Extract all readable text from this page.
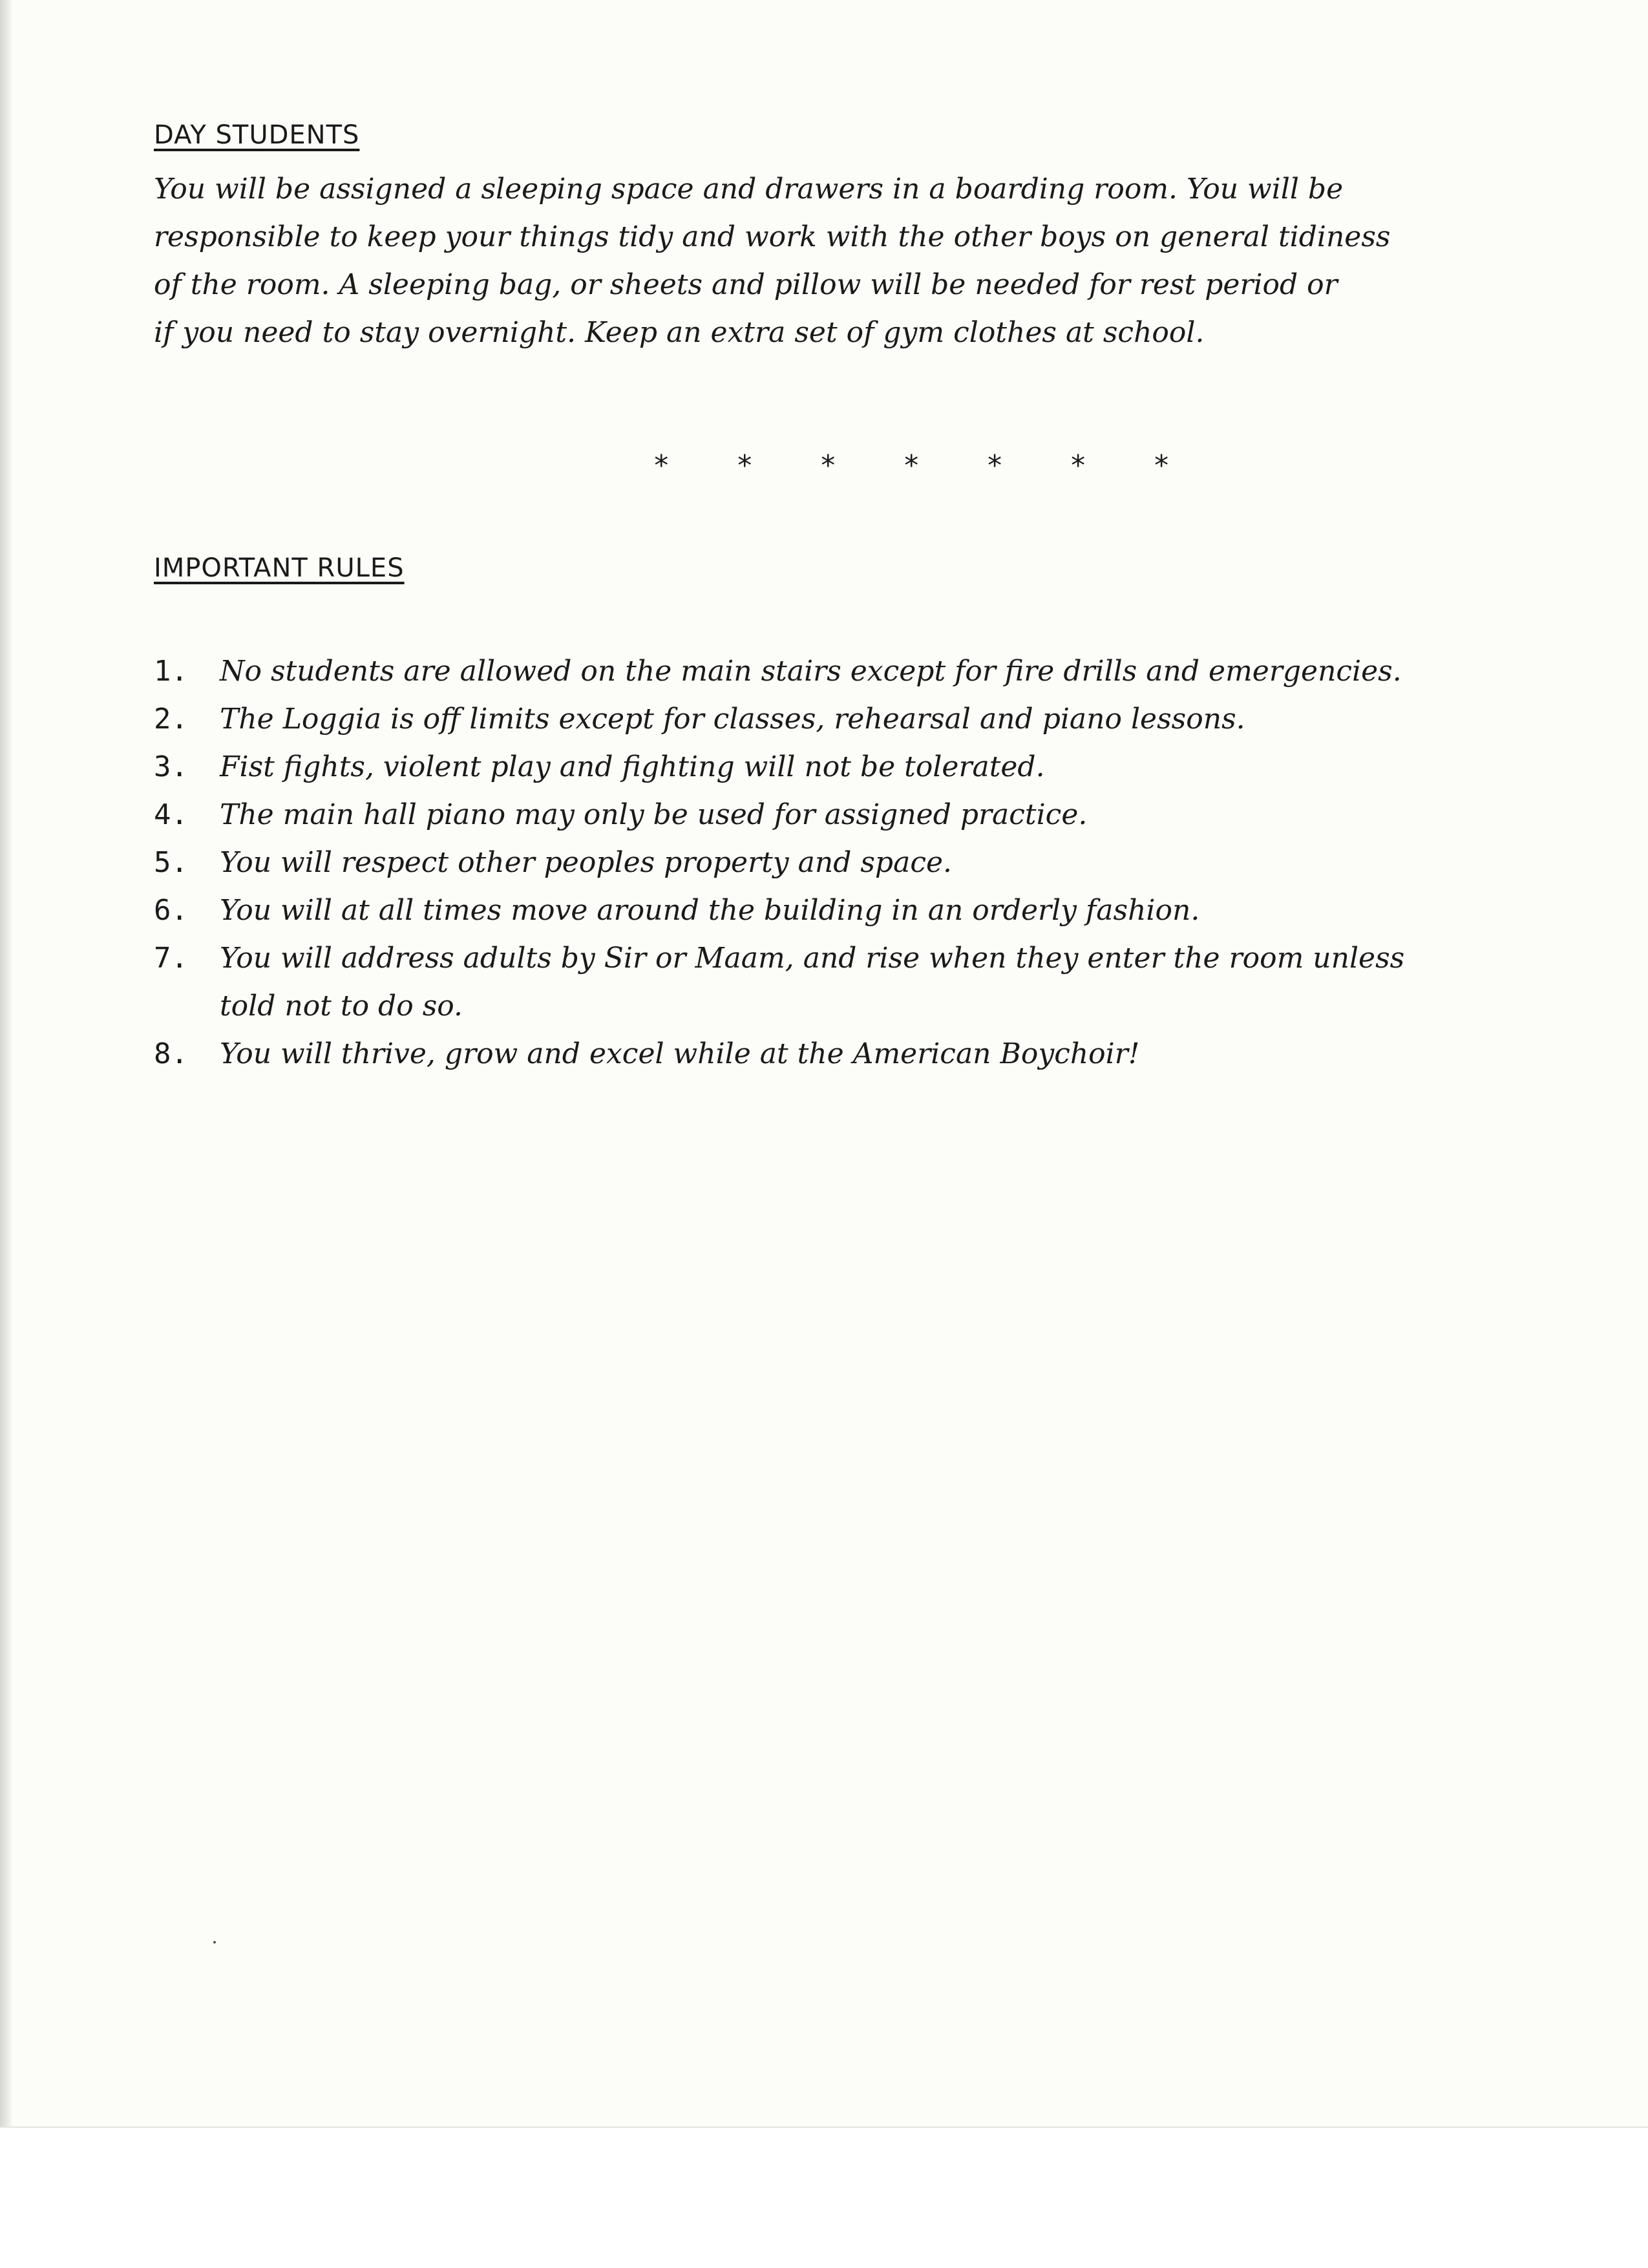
DAY STUDENTS

You will be assigned a sleeping space and drawers in a boarding room. You will be
responsible to keep your things tidy and work with the other boys on general tidiness
of the room. A sleeping bag, or sheets and pillow will be needed for rest period or
if you need to stay overnight. Keep an extra set of gym clothes at school.

* * * * * * *
IMPORTANT RULES
1. No students are allowed on the main stairs except for fire drills and emergencies.
2. The Loggia is off limits except for classes, rehearsal and piano lessons.
3. Fist fights, violent play and fighting will not be tolerated.
4. The main hall piano may only be used for assigned practice.
5. You will respect other peoples property and space.
6. You will at all times move around the building in an orderly fashion.
7. You will address adults by Sir or Maam, and rise when they enter the room unless
told not to do so.
8. You will thrive, grow and excel while at the American Boychoir!
